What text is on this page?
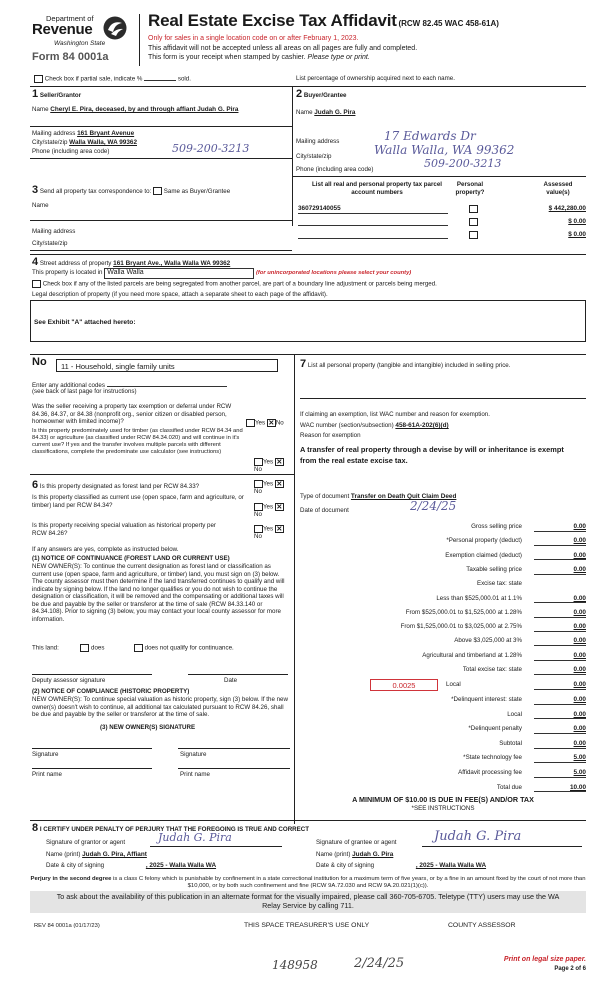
Department of
Revenue
Washington State
Form 84 0001a
Real Estate Excise Tax Affidavit (RCW 82.45 WAC 458-61A)
Only for sales in a single location code on or after February 1, 2023.
This affidavit will not be accepted unless all areas on all pages are fully and completed.
This form is your receipt when stamped by cashier. Please type or print.
Check box if partial sale, indicate %	sold.	List percentage of ownership acquired next to each name.
1 Seller/Grantor
Name Cheryl E. Pira, deceased, by and through affiant Judah G. Pira
Mailing address 161 Bryant Avenue
City/state/zip Walla Walla, WA 99362
Phone (including area code)	509-200-3213
2 Buyer/Grantee
Name Judah G. Pira
Mailing address	17 Edwards Dr
City/state/zip	Walla Walla, WA 99362
Phone (including area code)	509-200-3213
3 Send all property tax correspondence to: Same as Buyer/Grantee
Name
Mailing address
City/state/zip
List all real and personal property tax parcel account numbers
Personal property?
Assessed value(s)
360729140055	$ 442,280.00
$ 0.00
$ 0.00
4 Street address of property 161 Bryant Ave., Walla Walla WA 99362
This property is located in Walla Walla	(for unincorporated locations please select your county)
Check box if any of the listed parcels are being segregated from another parcel, are part of a boundary line adjustment or parcels being merged.
Legal description of property (if you need more space, attach a separate sheet to each page of the affidavit).
See Exhibit "A" attached hereto:
No	11 - Household, single family units
Enter any additional codes
(see back of last page for instructions)
Was the seller receiving a property tax exemption or deferral under RCW 84.36, 84.37, or 84.38 (nonprofit org., senior citizen or disabled person, homeowner with limited income)?	Yes ✕ No
Is this property predominately used for timber (as classified under RCW 84.34 and 84.33) or agriculture (as classified under RCW 84.34.020) and will continue in it's current use? If yes and the transfer involves multiple parcels with different classifications, complete the predominate use calculator (see instructions)
Yes ✕No
6 Is this property designated as forest land per RCW 84.33?	Yes ✕No
Is this property classified as current use (open space, farm and agriculture, or timber) land per RCW 84.34?	Yes ✕No
Is this property receiving special valuation as historical property per RCW 84.26?
Yes ✕No
If any answers are yes, complete as instructed below.
(1) NOTICE OF CONTINUANCE (FOREST LAND OR CURRENT USE)
NEW OWNER(S): To continue the current designation as forest land or classification as current use (open space, farm and agriculture, or timber) land, you must sign on (3) below. The county assessor must then determine if the land transferred continues to qualify and will indicate by signing below. If the land no longer qualifies or you do not wish to continue the designation or classification, it will be removed and the compensating or additional taxes will be due and payable by the seller or transferor at the time of sale (RCW 84.33.140 or 84.34.108). Prior to signing (3) below, you may contact your local county assessor for more information.
This land:	does	does not qualify for continuance.
Deputy assessor signature	Date
(2) NOTICE OF COMPLIANCE (HISTORIC PROPERTY)
NEW OWNER(S): To continue special valuation as historic property, sign (3) below. If the new owner(s) doesn't wish to continue, all additional tax calculated pursuant to RCW 84.26, shall be due and payable by the seller or transferor at the time of sale.
(3) NEW OWNER(S) SIGNATURE
Signature	Signature
Print name	Print name
7 List all personal property (tangible and intangible) included in selling price.
If claiming an exemption, list WAC number and reason for exemption.
WAC number (section/subsection) 458-61A-202(6)(d)
Reason for exemption
A transfer of real property through a devise by will or inheritance is exempt from the real estate excise tax.
Type of document Transfer on Death Quit Claim Deed
Date of document	2/24/25
Gross selling price	0.00
*Personal property (deduct)	0.00
Exemption claimed (deduct)	0.00
Taxable selling price	0.00
Excise tax: state
Less than $525,000.01 at 1.1%	0.00
From $525,000.01 to $1,525,000 at 1.28%	0.00
From $1,525,000.01 to $3,025,000 at 2.75%	0.00
Above $3,025,000 at 3%	0.00
Agricultural and timberland at 1.28%	0.00
Total excise tax: state	0.00
0.0025	Local	0.00
*Delinquent interest: state	0.00
Local	0.00
*Delinquent penalty	0.00
Subtotal	0.00
*State technology fee	5.00
Affidavit processing fee	5.00
Total due	10.00
A MINIMUM OF $10.00 IS DUE IN FEE(S) AND/OR TAX
*SEE INSTRUCTIONS
8 I CERTIFY UNDER PENALTY OF PERJURY THAT THE FOREGOING IS TRUE AND CORRECT
Signature of grantor or agent	Judah G. Pira
Name (print) Judah G. Pira, Affiant
Date & city of signing	, 2025 - Walla Walla WA
Signature of grantee or agent	Judah G. Pira
Name (print) Judah G. Pira
Date & city of signing	, 2025 - Walla Walla WA
Perjury in the second degree is a class C felony which is punishable by confinement in a state correctional institution for a maximum term of five years, or by a fine in an amount fixed by the court of not more than $10,000, or by both such confinement and fine (RCW 9A.72.030 and RCW 9A.20.021(1)(c)).
To ask about the availability of this publication in an alternate format for the visually impaired, please call 360-705-6705. Teletype (TTY) users may use the WA Relay Service by calling 711.
REV 84 0001a (01/17/23)	THIS SPACE TREASURER'S USE ONLY	COUNTY ASSESSOR
148958	2/24/25	Print on legal size paper.
Page 2 of 6
